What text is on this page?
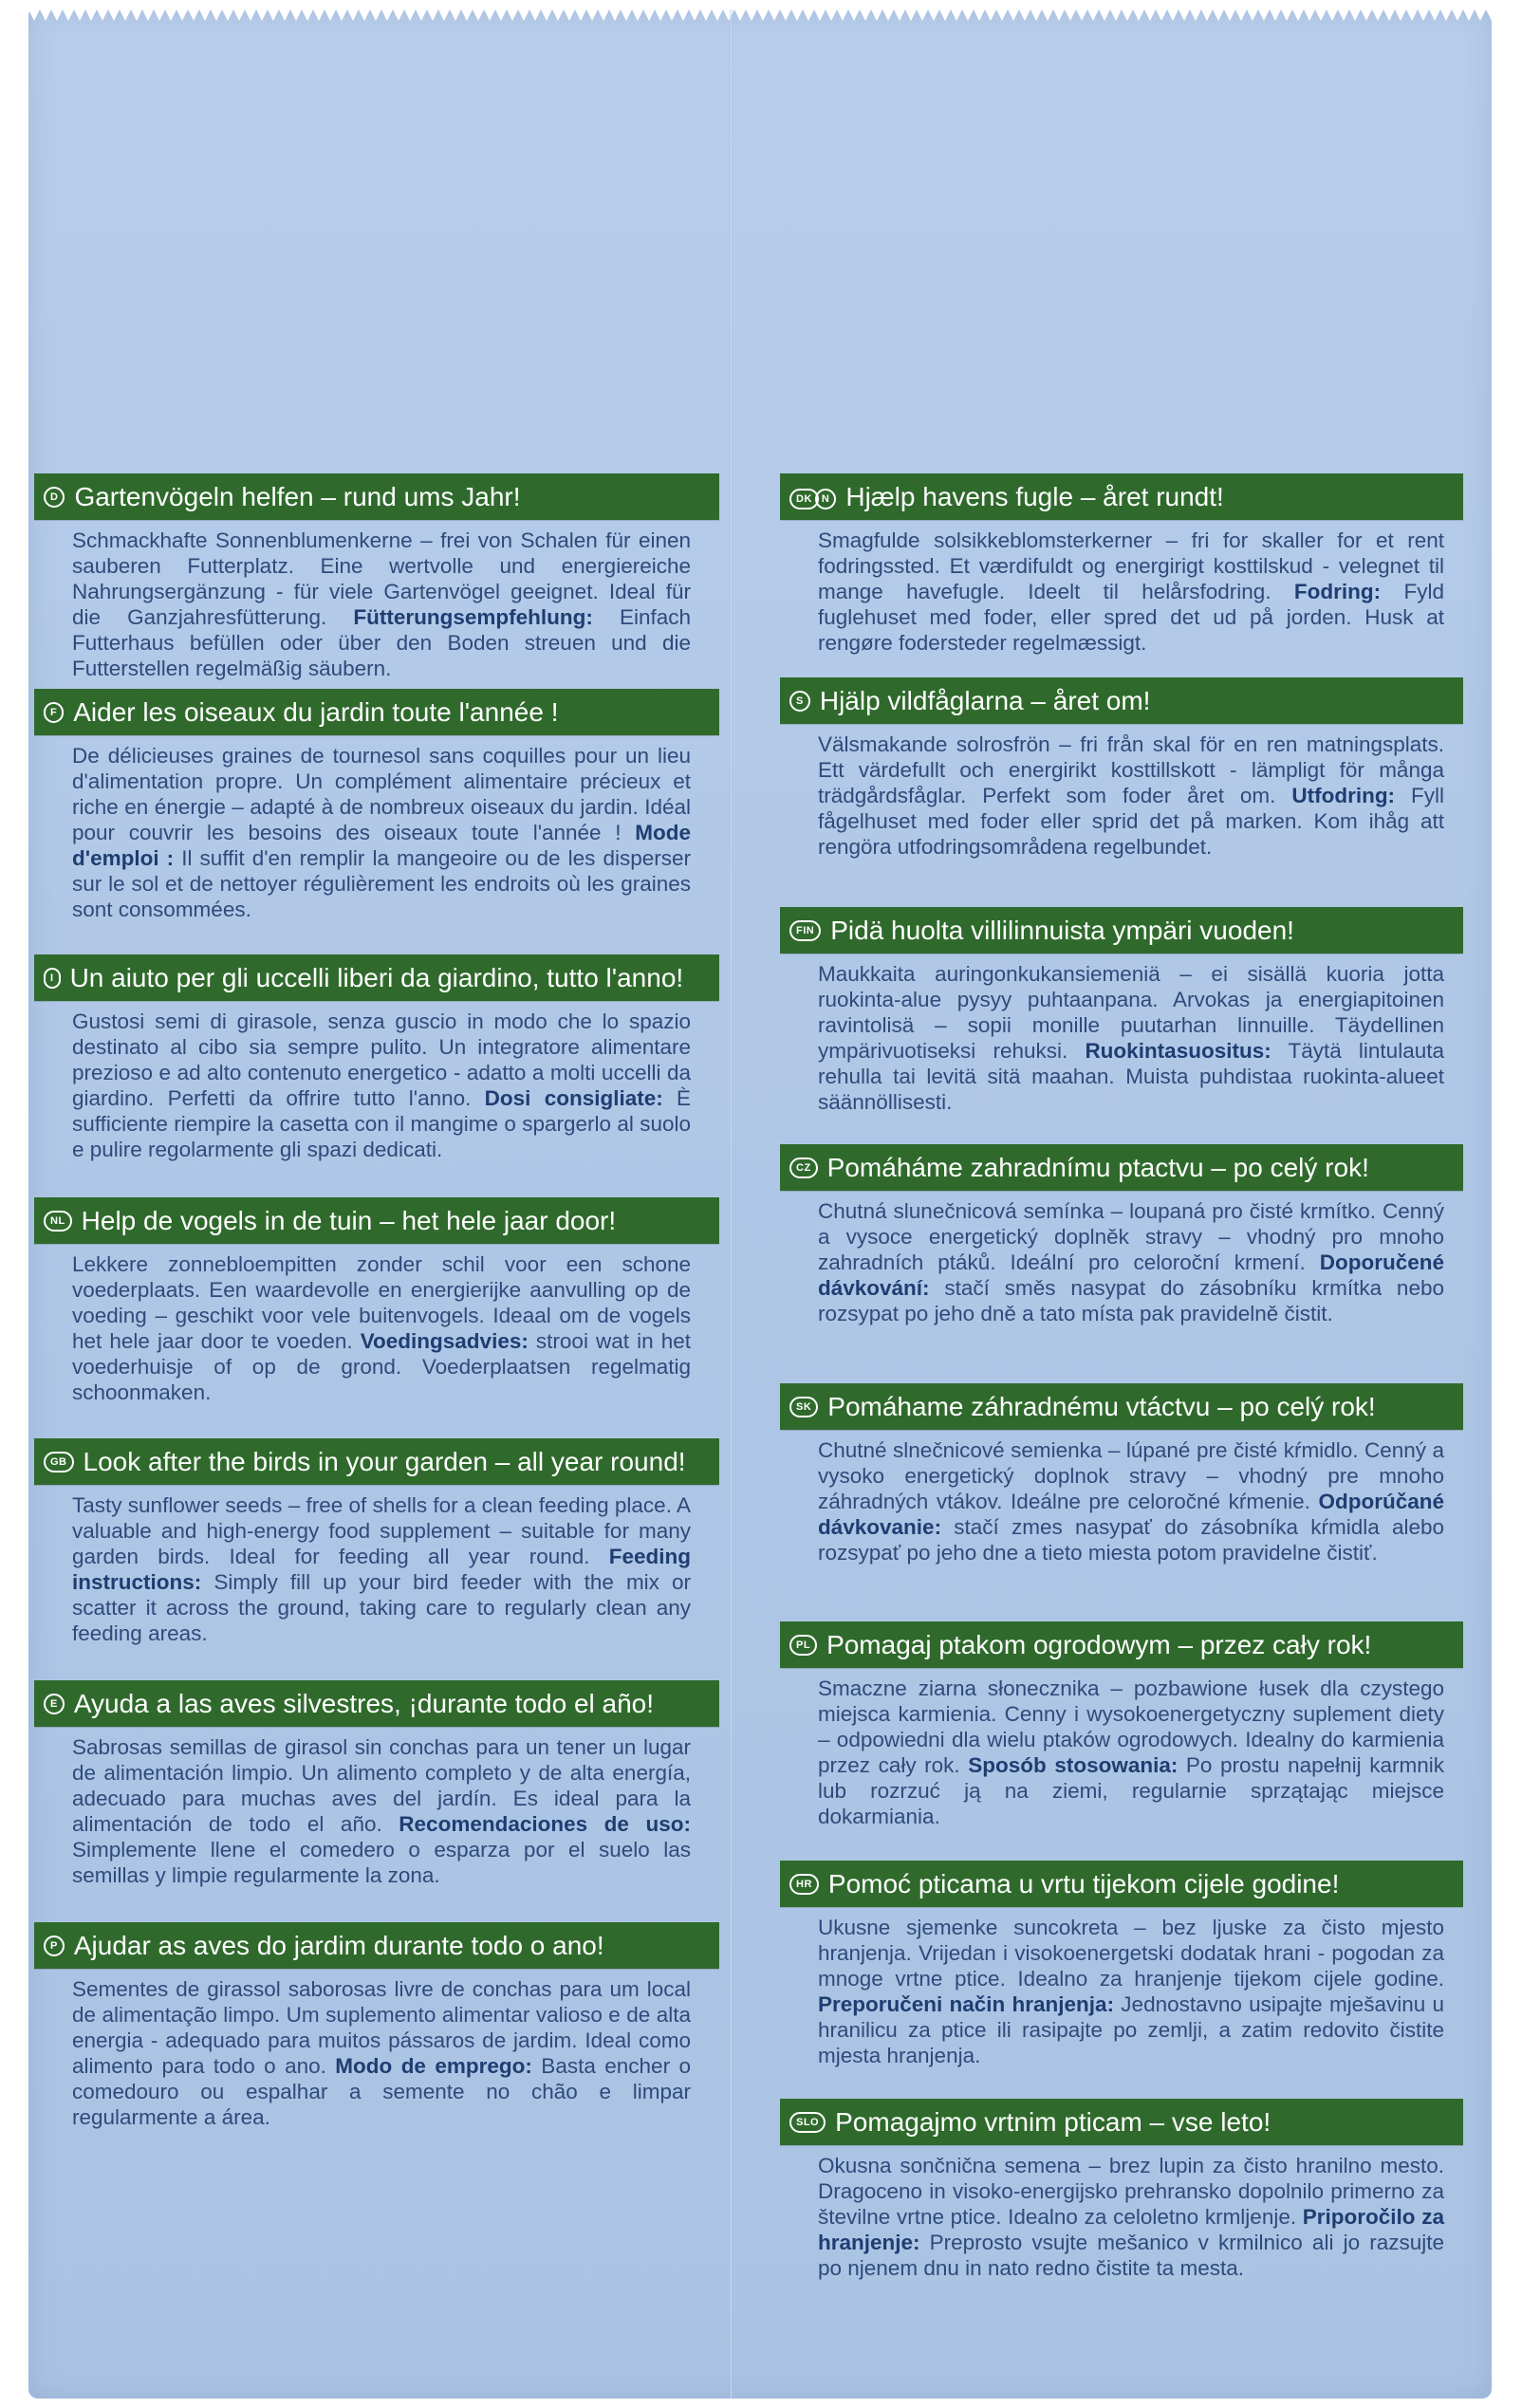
D Gartenvögeln helfen – rund ums Jahr!
Schmackhafte Sonnenblumenkerne – frei von Schalen für einen sauberen Futterplatz. Eine wertvolle und energiereiche Nahrungsergänzung - für viele Gartenvögel geeignet. Ideal für die Ganzjahresfütterung. Fütterungsempfehlung: Einfach Futterhaus befüllen oder über den Boden streuen und die Futterstellen regelmäßig säubern.
F Aider les oiseaux du jardin toute l'année !
De délicieuses graines de tournesol sans coquilles pour un lieu d'alimentation propre. Un complément alimentaire précieux et riche en énergie – adapté à de nombreux oiseaux du jardin. Idéal pour couvrir les besoins des oiseaux toute l'année ! Mode d'emploi : Il suffit d'en remplir la mangeoire ou de les disperser sur le sol et de nettoyer régulièrement les endroits où les graines sont consommées.
I Un aiuto per gli uccelli liberi da giardino, tutto l'anno!
Gustosi semi di girasole, senza guscio in modo che lo spazio destinato al cibo sia sempre pulito. Un integratore alimentare prezioso e ad alto contenuto energetico - adatto a molti uccelli da giardino. Perfetti da offrire tutto l'anno. Dosi consigliate: È sufficiente riempire la casetta con il mangime o spargerlo al suolo e pulire regolarmente gli spazi dedicati.
NL Help de vogels in de tuin – het hele jaar door!
Lekkere zonnebloempitten zonder schil voor een schone voederplaats. Een waardevolle en energierijke aanvulling op de voeding – geschikt voor vele buitenvogels. Ideaal om de vogels het hele jaar door te voeden. Voedingsadvies: strooi wat in het voederhuisje of op de grond. Voederplaatsen regelmatig schoonmaken.
GB Look after the birds in your garden – all year round!
Tasty sunflower seeds – free of shells for a clean feeding place. A valuable and high-energy food supplement – suitable for many garden birds. Ideal for feeding all year round. Feeding instructions: Simply fill up your bird feeder with the mix or scatter it across the ground, taking care to regularly clean any feeding areas.
E Ayuda a las aves silvestres, ¡durante todo el año!
Sabrosas semillas de girasol sin conchas para un tener un lugar de alimentación limpio. Un alimento completo y de alta energía, adecuado para muchas aves del jardín. Es ideal para la alimentación de todo el año. Recomendaciones de uso: Simplemente llene el comedero o esparza por el suelo las semillas y limpie regularmente la zona.
P Ajudar as aves do jardim durante todo o ano!
Sementes de girassol saborosas livre de conchas para um local de alimentação limpo. Um suplemento alimentar valioso e de alta energia - adequado para muitos pássaros de jardim. Ideal como alimento para todo o ano. Modo de emprego: Basta encher o comedouro ou espalhar a semente no chão e limpar regularmente a área.
DK N Hjælp havens fugle – året rundt!
Smagfulde solsikkeblomsterkerner – fri for skaller for et rent fodringssted. Et værdifuldt og energirigt kosttilskud - velegnet til mange havefugle. Ideelt til helårsfodring. Fodring: Fyld fuglehuset med foder, eller spred det ud på jorden. Husk at rengøre fodersteder regelmæssigt.
S Hjälp vildfåglarna – året om!
Välsmakande solrosfrön – fri från skal för en ren matningsplats. Ett värdefullt och energirikt kosttillskott - lämpligt för många trädgårdsfåglar. Perfekt som foder året om. Utfodring: Fyll fågelhuset med foder eller sprid det på marken. Kom ihåg att rengöra utfodringsområdena regelbundet.
FIN Pidä huolta villilinnuista ympäri vuoden!
Maukkaita auringonkukansiemeniä – ei sisällä kuoria jotta ruokinta-alue pysyy puhtaanpana. Arvokas ja energiapitoinen ravintolisä – sopii monille puutarhan linnuille. Täydellinen ympärivuotiseksi rehuksi. Ruokintasuositus: Täytä lintulauta rehulla tai levitä sitä maahan. Muista puhdistaa ruokinta-alueet säännöllisesti.
CZ Pomáháme zahradnímu ptactvu – po celý rok!
Chutná slunečnicová semínka – loupaná pro čisté krmítko. Cenný a vysoce energetický doplněk stravy – vhodný pro mnoho zahradních ptáků. Ideální pro celoroční krmení. Doporučené dávkování: stačí směs nasypat do zásobníku krmítka nebo rozsypat po jeho dně a tato místa pak pravidelně čistit.
SK Pomáhame záhradnému vtáctvu – po celý rok!
Chutné slnečnicové semienka – lúpané pre čisté kŕmidlo. Cenný a vysoko energetický doplnok stravy – vhodný pre mnoho záhradných vtákov. Ideálne pre celoročné kŕmenie. Odporúčané dávkovanie: stačí zmes nasypať do zásobníka kŕmidla alebo rozsypať po jeho dne a tieto miesta potom pravidelne čistiť.
PL Pomagaj ptakom ogrodowym – przez cały rok!
Smaczne ziarna słonecznika – pozbawione łusek dla czystego miejsca karmienia. Cenny i wysokoenergetyczny suplement diety – odpowiedni dla wielu ptaków ogrodowych. Idealny do karmienia przez cały rok. Sposób stosowania: Po prostu napełnij karmnik lub rozrzuć ją na ziemi, regularnie sprzątając miejsce dokarmiania.
HR Pomoć pticama u vrtu tijekom cijele godine!
Ukusne sjemenke suncokreta – bez ljuske za čisto mjesto hranjenja. Vrijedan i visokoenergetski dodatak hrani - pogodan za mnoge vrtne ptice. Idealno za hranjenje tijekom cijele godine. Preporučeni način hranjenja: Jednostavno usipajte mješavinu u hranilicu za ptice ili rasipajte po zemlji, a zatim redovito čistite mjesta hranjenja.
SLO Pomagajmo vrtnim pticam – vse leto!
Okusna sončnična semena – brez lupin za čisto hranilno mesto. Dragoceno in visoko-energijsko prehransko dopolnilo primerno za številne vrtne ptice. Idealno za celoletno krmljenje. Priporočilo za hranjenje: Preprosto vsujte mešanico v krmilnico ali jo razsujte po njenem dnu in nato redno čistite ta mesta.
